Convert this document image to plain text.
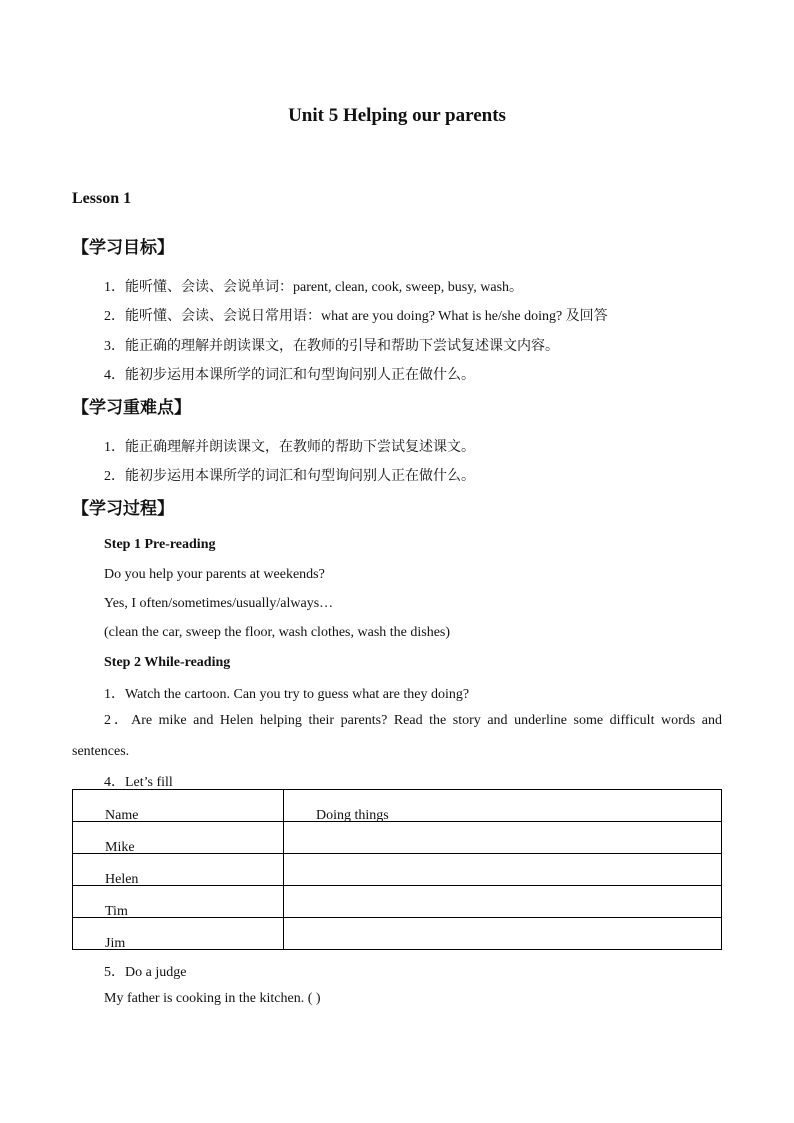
Unit 5 Helping our parents
Lesson 1
【学习目标】
1．能听懂、会读、会说单词：parent, clean, cook, sweep, busy, wash。
2．能听懂、会读、会说日常用语：what are you doing? What is he/she doing? 及回答
3．能正确的理解并朗读课文，在教师的引导和帮助下尝试复述课文内容。
4．能初步运用本课所学的词汇和句型询问别人正在做什么。
【学习重难点】
1．能正确理解并朗读课文，在教师的帮助下尝试复述课文。
2．能初步运用本课所学的词汇和句型询问别人正在做什么。
【学习过程】
Step 1 Pre-reading
Do you help your parents at weekends?
Yes, I often/sometimes/usually/always…
(clean the car, sweep the floor, wash clothes, wash the dishes)
Step 2 While-reading
1．Watch the cartoon. Can you try to guess what are they doing?
2．Are mike and Helen helping their parents? Read the story and underline some difficult words and sentences.
4．Let’s fill
Name	Doing things
Mike	
Helen	
Tim	
Jim	
5．Do a judge
My father is cooking in the kitchen. ( )
